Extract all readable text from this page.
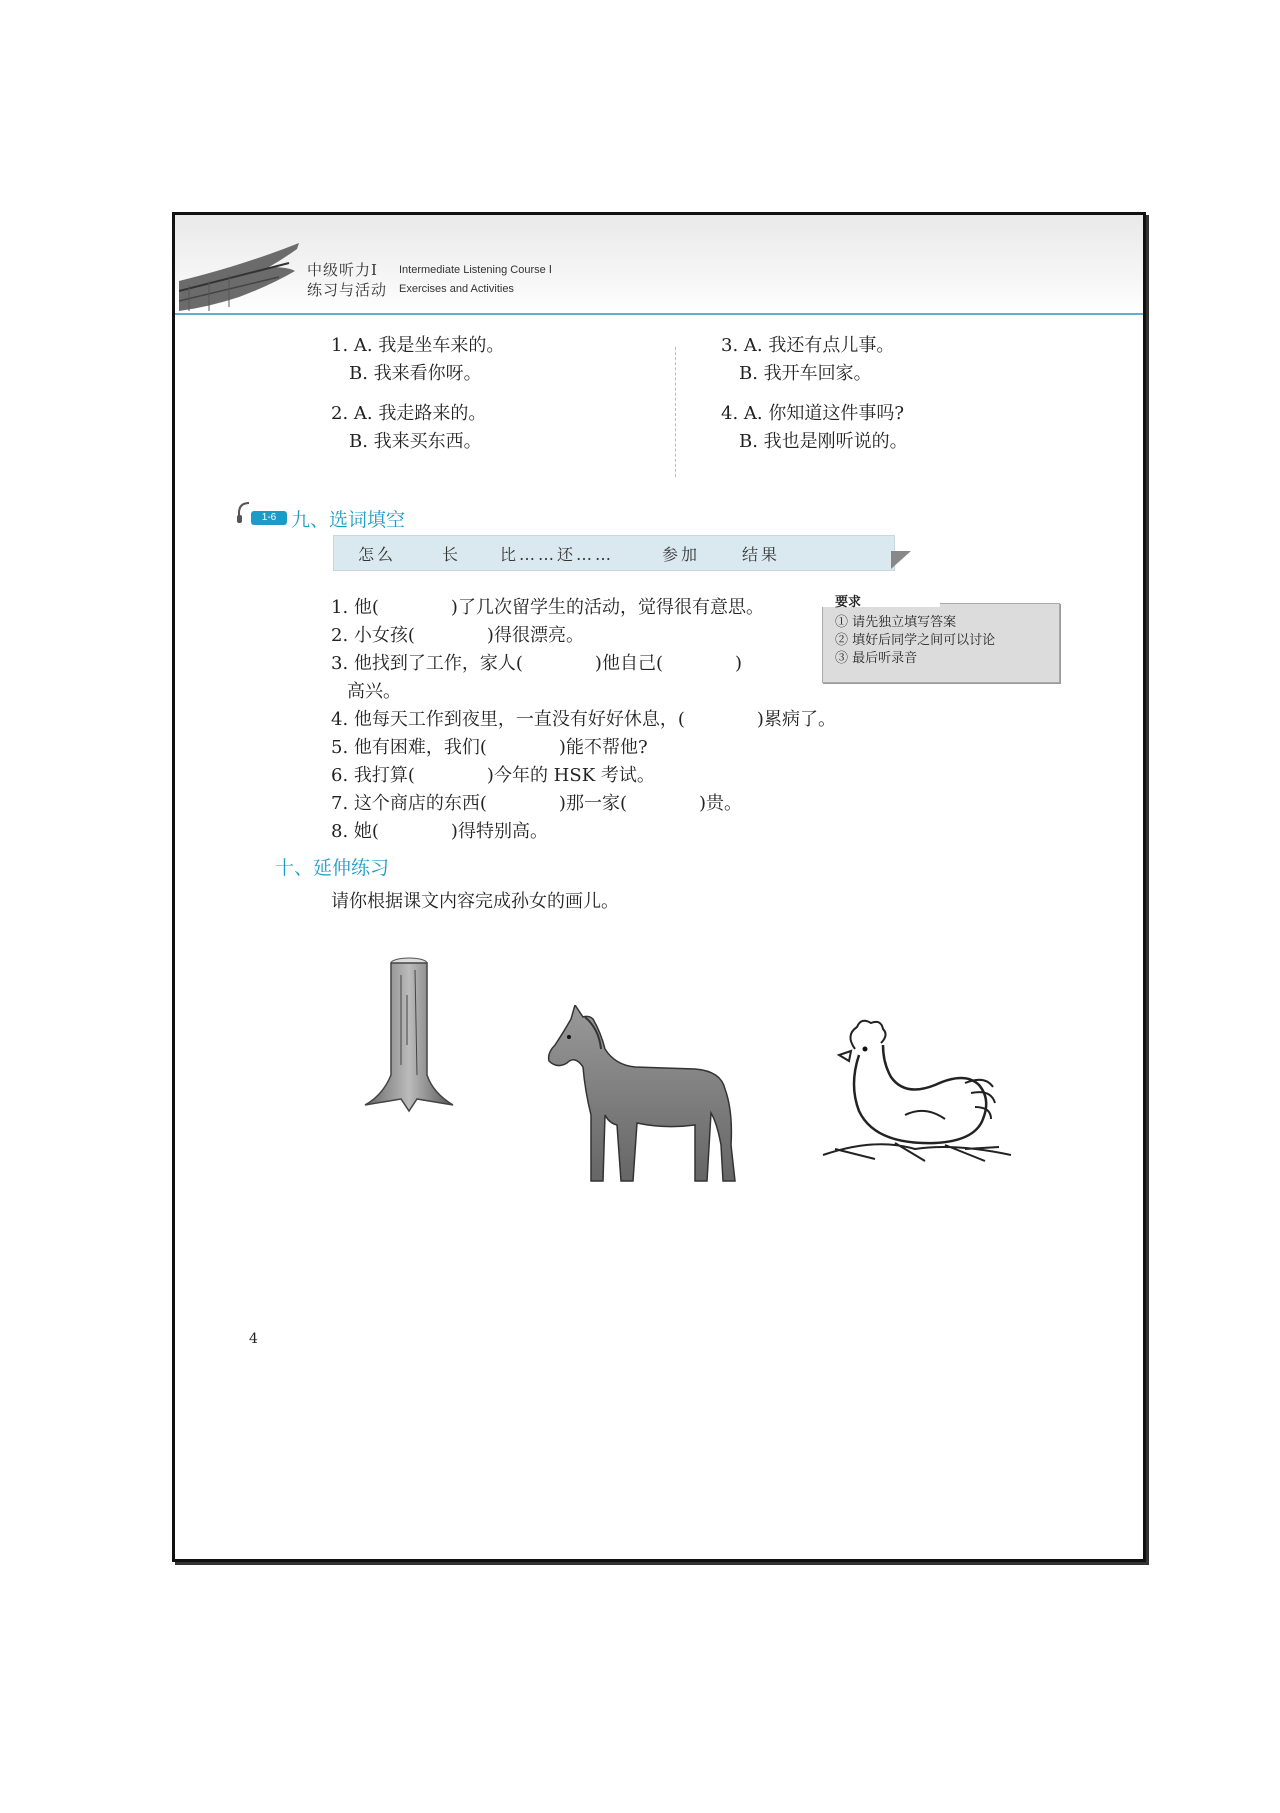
中级听力Ⅰ Intermediate Listening Course Ⅰ
练习与活动 Exercises and Activities
1. A. 我是坐车来的。
B. 我来看你呀。
2. A. 我走路来的。
B. 我来买东西。
3. A. 我还有点儿事。
B. 我开车回家。
4. A. 你知道这件事吗?
B. 我也是刚听说的。
1-6 九、选词填空
怎么	长 比……还……	参加	结果
1. 他(　　　　)了几次留学生的活动，觉得很有意思。
2. 小女孩(　　　　)得很漂亮。
3. 他找到了工作，家人(　　　　)他自己(　　　　)
高兴。
4. 他每天工作到夜里，一直没有好好休息，(　　　　)累病了。
5. 他有困难，我们(　　　　)能不帮他?
6. 我打算(　　　　)今年的 HSK 考试。
7. 这个商店的东西(　　　　)那一家(　　　　)贵。
8. 她(　　　　)得特别高。
要求
① 请先独立填写答案
② 填好后同学之间可以讨论
③ 最后听录音
十、延伸练习
请你根据课文内容完成孙女的画儿。
4
